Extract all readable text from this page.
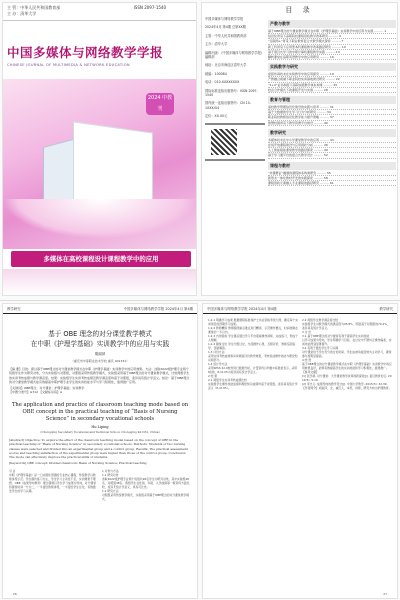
主 管：中华人民共和国教育部
主 办：清华大学
ISSN 2097-1540
中国多媒体与网络教学学报
CHINESE JOURNAL OF MULTIMEDIA & NETWORK EDUCATION
2024 中教刊
多媒体在高校课程设计课程教学中的应用
目 录
中国多媒体与网络教学学报
2024年4月 第4期 总第XX期
主管：中华人民共和国教育部
主办：清华大学
编辑出版：《中国多媒体与网络教学学报》编辑部
地址：北京市海淀区清华大学
邮编：100084
电话：010-XXXXXXXX
国际标准连续出版物号：ISSN 2097-1540
国内统一连续出版物号：CN 10-1XXX/G4
定价：XX.00元
产教与教学
基于OBE理念的分课堂教学模式在中职《护理学基础》实训教学中的应用与实践 ……… 1
信息化背景下高职院校课程思政教学改革研究 ……… 4
“互联网+”背景下职业教育混合式教学模式探索 ……… 7
新工科背景下应用型本科课程教学改革路径研究 ……… 10
基于项目式学习的中职计算机课程教学实践 ……… 13
翻转课堂在高职英语教学中的应用研究 ……… 16
实践教学与研究
虚拟仿真技术在实验教学中的应用探究 ……… 19
产教融合视域下职业院校实训基地建设研究 ……… 22
“1+X”证书制度下高职实践教学体系构建 ……… 25
校企合作模式下的课程开发与实施 ……… 28
教育与管理
高校教学管理信息化建设的实践与思考 ……… 31
基于大数据的学生学习行为分析研究 ……… 34
职业院校教师信息化教学能力提升策略 ……… 37
智慧校园背景下教学资源平台建设 ……… 40
教学研究
多媒体技术在中小学课堂教学中的应用 ……… 43
在线开放课程建设与应用现状分析 ……… 46
人工智能赋能课堂教学的路径探索 ……… 49
基于学习通平台的混合式教学设计 ……… 52
课程与教材
“岗课赛证”融通的课程体系构建研究 ……… 55
新形态一体化教材开发的实践探索 ……… 58
课程思政元素融入专业课程的路径研究 ……… 61
教学研究	中国多媒体与网络教学学报 2024年4月 第4期
基于 OBE 理念的对分课堂教学模式
在中职《护理学基础》实训教学中的应用与实践
胡丽萍
（重庆市中等职业技术学校 重庆 401331）
【摘 要】目的：探讨基于OBE理念的对分课堂教学模式在中职《护理学基础》实训教学中的应用效果。方法：选取2022级护理专业两个班级学生作为研究对象，分为实验组与对照组，对照组采用传统教学模式，实验组采用基于OBE理念的对分课堂教学模式，比较两组学生的实训考核成绩与教学满意度。结果：实验组学生实训考核成绩及教学满意度均高于对照组，差异具有统计学意义。结论：基于OBE理念的对分课堂教学模式能有效提高中职护理专业学生的实训技能水平与学习积极性，值得推广应用。
【关键词】OBE理念；对分课堂；护理学基础；实训教学
【中图分类号】G712 【文献标识码】A
The application and practice of classroom teaching mode based on OBE concept in the practical teaching of “Basis of Nursing Science” in secondary vocational schools
Hu Liping
(Chongqing Secondary Vocational and Technical School, Chongqing 401331, China)
[Abstract] Objective: To explore the effect of the classroom teaching model based on the concept of OBE in the practical teaching of “Basis of Nursing Science” in secondary vocational schools. Methods: Students of two nursing classes were selected and divided into an experimental group and a control group. Results: The practical assessment scores and teaching satisfaction of the experimental group were higher than those of the control group. Conclusion: The mode can effectively improve the practical skills of students.
[Keywords] OBE concept; Divided classroom; Basis of Nursing Science; Practical teaching
引 言
中职《护理学基础》是一门实践性很强的专业核心课程，传统教学以教师讲授示范、学生模仿练习为主，学生学习主动性不足，实训效果不理想。OBE（成果导向教育）理念强调以学生学习成果为导向，对分课堂将课堂时间一分为二，一半留给教师讲授，一半留给学生讨论，有效激发学生的学习兴趣。
1 对象与方法
1.1 研究对象
选取2022级护理专业两个班级共96名学生为研究对象，其中实验组48名，对照组48名。两组学生在性别、年龄、入学成绩等一般资料方面比较，差异无统计学意义，具有可比性。
1.2 研究方法
对照组采用传统教学模式，实验组采用基于OBE理念的对分课堂教学模式。
· 26 ·
中国多媒体与网络教学学报 2024年4月 第4期	教学研究
1.2.1 明确学习成果 根据课程标准和护士执业资格考试大纲，确定每个实训项目的预期学习成果。
1.2.2 教师精讲 教师围绕重点难点进行精讲，示范操作要点，时间控制在课堂的一半以内。
1.2.3 内化吸收 学生课后通过学习平台观看操作视频，完成练习，形成个人理解。
1.2.4 隔堂讨论 学生分组讨论，交流操作心得，互相评价，教师巡回指导，答疑解惑。
1.3 评价方法
采用实训考核成绩和问卷调查评价教学效果，考核包括操作技能与理论知识两部分。
1.4 统计学方法
采用SPSS 22.0软件进行数据分析，计量资料以均数±标准差表示，采用t检验，P<0.05为差异具有统计学意义。
2 结 果
2.1 两组学生实训考核成绩比较
实验组学生操作技能成绩和理论知识成绩均高于对照组，差异具有统计学意义（P<0.05）。
2.2 两组学生教学满意度比较
实验组学生对教学模式的满意度为95.8%，明显高于对照组的79.2%，差异具有统计学意义。
3 讨 论
3.1 基于OBE理念的对分课堂有利于提高学生实训技能
以学习成果为导向，学生明确学习目标，在讨论中不断纠正操作偏差，实训技能得到显著提升。
3.2 有利于激发学生学习兴趣
对分课堂给予学生充分的讨论时间，学生由被动接受转为主动学习，课堂参与度明显提高。
4 结 语
基于OBE理念的对分课堂教学模式在中职《护理学基础》实训教学中的应用效果良好，能够有效提高学生的实训技能和学习积极性，值得推广。
【参考文献】
[1] 张学新. 对分课堂：大学课堂教学改革的新探索[J]. 复旦教育论坛, 2014(5): 5-10.
[2] 李志义. 成果导向的教学设计[J]. 中国大学教学, 2015(3): 32-39.
【作者简介】胡丽萍，女，重庆人，本科，讲师，研究方向为护理教育。
· 27 ·
